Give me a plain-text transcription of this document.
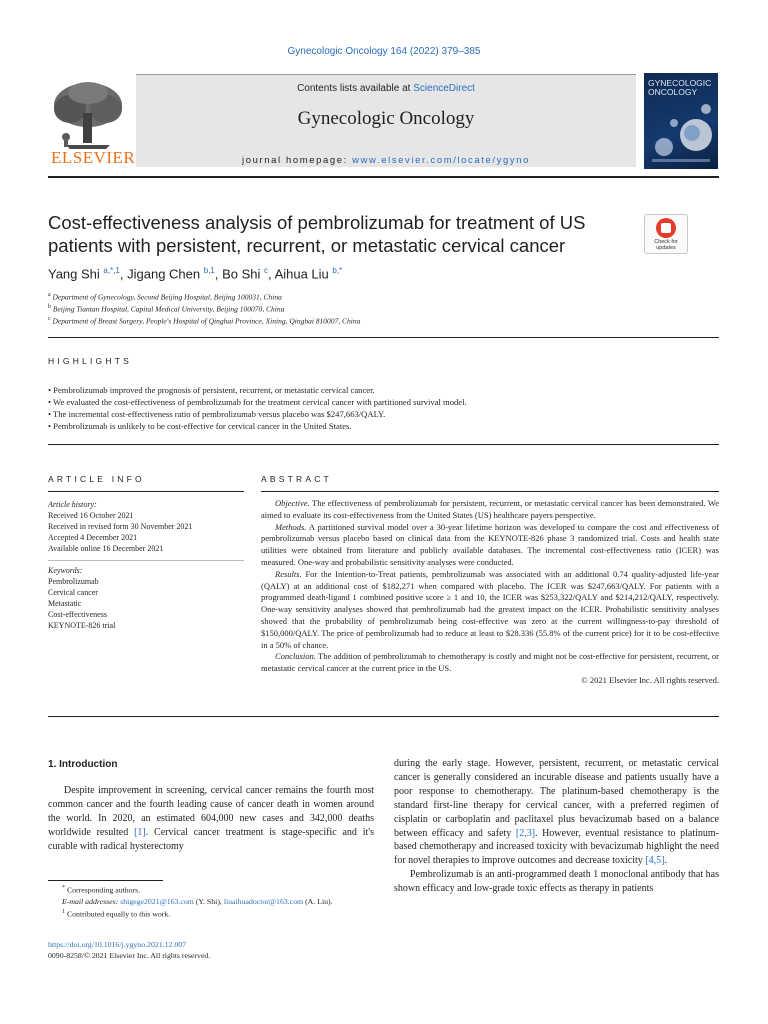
Gynecologic Oncology 164 (2022) 379–385
ELSEVIER
Contents lists available at ScienceDirect
Gynecologic Oncology
journal homepage: www.elsevier.com/locate/ygyno
GYNECOLOGIC
ONCOLOGY
Cost-effectiveness analysis of pembrolizumab for treatment of US
patients with persistent, recurrent, or metastatic cervical cancer	Check for updates
Yang Shi $^{a,*,1}$, Jigang Chen $^{b,1}$, Bo Shi $^c$, Aihua Liu $^{b,*}$
$^a$ Department of Gynecology, Second Beijing Hospital, Beijing 100031, China
$^b$ Beijing Tiantan Hospital, Capital Medical University, Beijing 100070, China
$^c$ Department of Breast Surgery, People's Hospital of Qinghai Province, Xining, Qinghai 810007, China
HIGHLIGHTS
• Pembrolizumab improved the prognosis of persistent, recurrent, or metastatic cervical cancer.
• We evaluated the cost-effectiveness of pembrolizumab for the treatment cervical cancer with partitioned survival model.
• The incremental cost-effectiveness ratio of pembrolizumab versus placebo was $247,663/QALY.
• Pembrolizumab is unlikely to be cost-effective for cervical cancer in the United States.
ARTICLE INFO	ABSTRACT
Article history:
Received 16 October 2021
Received in revised form 30 November 2021
Accepted 4 December 2021
Available online 16 December 2021
Keywords:
Pembrolizumab
Cervical cancer
Metastatic
Cost-effectiveness
KEYNOTE-826 trial

Objective. The effectiveness of pembrolizumab for persistent, recurrent, or metastatic cervical cancer has been demonstrated. We aimed to evaluate its cost-effectiveness from the United States (US) healthcare payers perspective.

Methods. A partitioned survival model over a 30-year lifetime horizon was developed to compare the cost and effectiveness of pembrolizumab versus placebo based on clinical data from the KEYNOTE-826 phase 3 randomized trial. Costs and health state utilities were obtained from literature and publicly available databases. The incremental cost-effectiveness ratio (ICER) was measured. One-way and probabilistic sensitivity analyses were conducted.

Results. For the Intention-to-Treat patients, pembrolizumab was associated with an additional 0.74 quality-adjusted life-year (QALY) at an additional cost of $182,271 when compared with placebo. The ICER was $247,663/QALY. For patients with a programmed death-ligand 1 combined positive score ≥ 1 and 10, the ICER was $253,322/QALY and $214,212/QALY, respectively. One-way sensitivity analyses showed that pembrolizumab had the greatest impact on the ICER. Probabilistic sensitivity analyses showed that the probability of pembrolizumab being cost-effective was zero at the current willingness-to-pay threshold of $150,000/QALY. The price of pembrolizumab had to reduce at least to $28.336 (55.8% of the current price) for it to be cost-effective in a 50% of chance.

Conclusion. The addition of pembrolizumab to chemotherapy is costly and might not be cost-effective for persistent, recurrent, or metastatic cervical cancer at the current price in the US.

© 2021 Elsevier Inc. All rights reserved.

1. Introduction

Despite improvement in screening, cervical cancer remains the fourth most common cancer and the fourth leading cause of cancer death in women around the world. In 2020, an estimated 604,000 new cases and 342,000 deaths worldwide resulted [1]. Cervical cancer treatment is stage-specific and it's curable with radical hysterectomy

during the early stage. However, persistent, recurrent, or metastatic cervical cancer is generally considered an incurable disease and patients usually have a poor response to chemotherapy. The platinum-based chemotherapy is the standard first-line therapy for cervical cancer, with a preferred regimen of cisplatin or carboplatin and paclitaxel plus bevacizumab based on a balance between efficacy and safety [2,3]. However, eventual resistance to platinum-based chemotherapy and increased toxicity with bevacizumab highlight the need for novel therapies to improve outcomes and decrease toxicity [4,5].

Pembrolizumab is an anti-programmed death 1 monoclonal antibody that has shown efficacy and low-grade toxic effects as therapy in patients

* Corresponding authors.
E-mail addresses: shigege2021@163.com (Y. Shi), liuaihuadoctor@163.com (A. Liu).
$^1$ Contributed equally to this work.
https://doi.org/10.1016/j.ygyno.2021.12.007
0090-8258/© 2021 Elsevier Inc. All rights reserved.
